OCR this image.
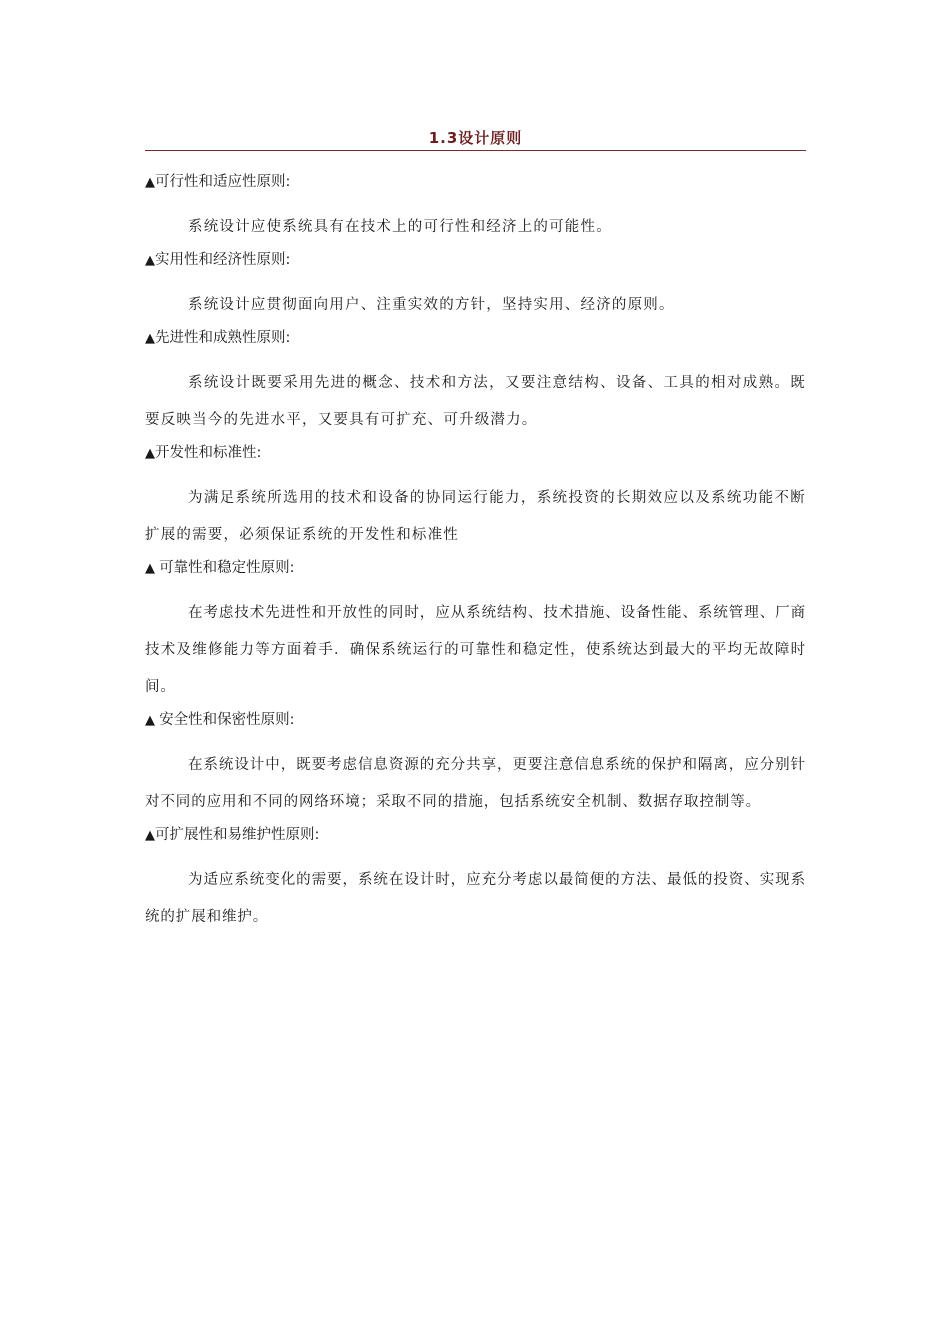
1.3设计原则
▲可行性和适应性原则:

系统设计应使系统具有在技术上的可行性和经济上的可能性。

▲实用性和经济性原则:

系统设计应贯彻面向用户、注重实效的方针，坚持实用、经济的原则。

▲先进性和成熟性原则:

系统设计既要采用先进的概念、技术和方法，又要注意结构、设备、工具的相对成熟。既要反映当今的先进水平，又要具有可扩充、可升级潜力。

▲开发性和标准性:

为满足系统所选用的技术和设备的协同运行能力，系统投资的长期效应以及系统功能不断扩展的需要，必须保证系统的开发性和标准性

▲ 可靠性和稳定性原则:

在考虑技术先进性和开放性的同时，应从系统结构、技术措施、设备性能、系统管理、厂商技术及维修能力等方面着手．确保系统运行的可靠性和稳定性，使系统达到最大的平均无故障时间。

▲ 安全性和保密性原则:

在系统设计中，既要考虑信息资源的充分共享，更要注意信息系统的保护和隔离，应分别针对不同的应用和不同的网络环境；采取不同的措施，包括系统安全机制、数据存取控制等。

▲可扩展性和易维护性原则:

为适应系统变化的需要，系统在设计时，应充分考虑以最简便的方法、最低的投资、实现系统的扩展和维护。
